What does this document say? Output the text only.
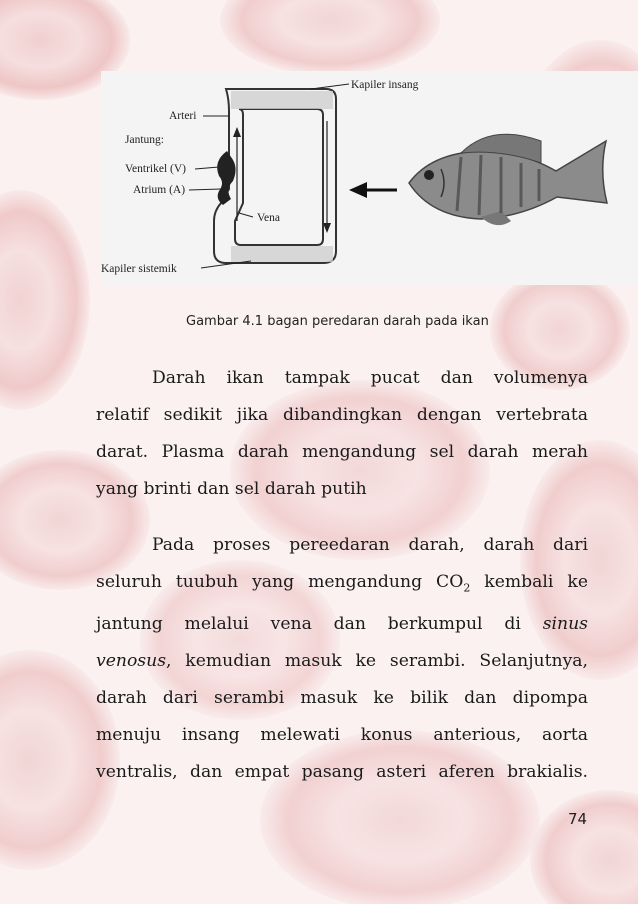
Kapiler insang
Arteri
Jantung:
Ventrikel (V)
Atrium (A)
Vena
Kapiler sistemik
Gambar 4.1 bagan peredaran darah pada ikan
Darah ikan tampak pucat dan volumenya
relatif sedikit jika dibandingkan dengan vertebrata
darat. Plasma darah mengandung sel darah merah
yang brinti dan sel darah putih
Pada proses pereedaran darah, darah dari
seluruh tuubuh yang mengandung $CO_2$ kembali ke
jantung melalui vena dan berkumpul di sinus
venosus, kemudian masuk ke serambi. Selanjutnya,
darah dari serambi masuk ke bilik dan dipompa
menuju insang melewati konus anterious, aorta
ventralis, dan empat pasang asteri aferen brakialis.
74
